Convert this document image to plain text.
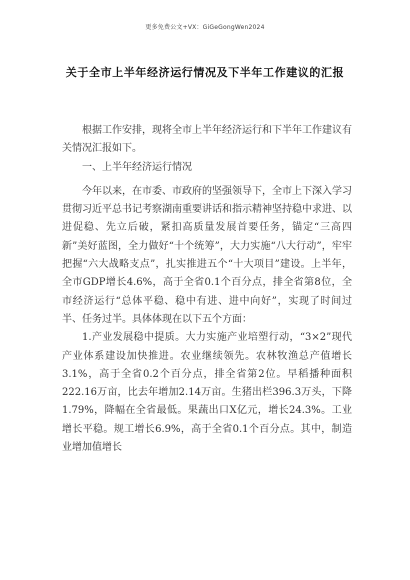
更多免费公文+VX：GiGeGongWen2024
关于全市上半年经济运行情况及下半年工作建议的汇报

根据工作安排，现将全市上半年经济运行和下半年工作建议有关情况汇报如下。

一、上半年经济运行情况

今年以来，在市委、市政府的坚强领导下，全市上下深入学习贯彻习近平总书记考察湖南重要讲话和指示精神坚持稳中求进、以进促稳、先立后破，紧扣高质量发展首要任务，锚定“三高四新”美好蓝图，全力做好“十个统筹”，大力实施“八大行动”，牢牢把握“六大战略支点”，扎实推进五个“十大项目”建设。上半年，全市GDP增长4.6%，高于全省0.1个百分点，排全省第8位，全市经济运行“总体平稳、稳中有进、进中向好”，实现了时间过半、任务过半。具体体现在以下五个方面：

1.产业发展稳中提质。大力实施产业培塑行动，“3×2”现代产业体系建设加快推进。农业继续领先。农林牧渔总产值增长3.1%，高于全省0.2个百分点，排全省第2位。早稻播种面积222.16万亩，比去年增加2.14万亩。生猪出栏396.3万头，下降1.79%，降幅在全省最低。果蔬出口X亿元，增长24.3%。工业增长平稳。规工增长6.9%，高于全省0.1个百分点。其中，制造业增加值增长
